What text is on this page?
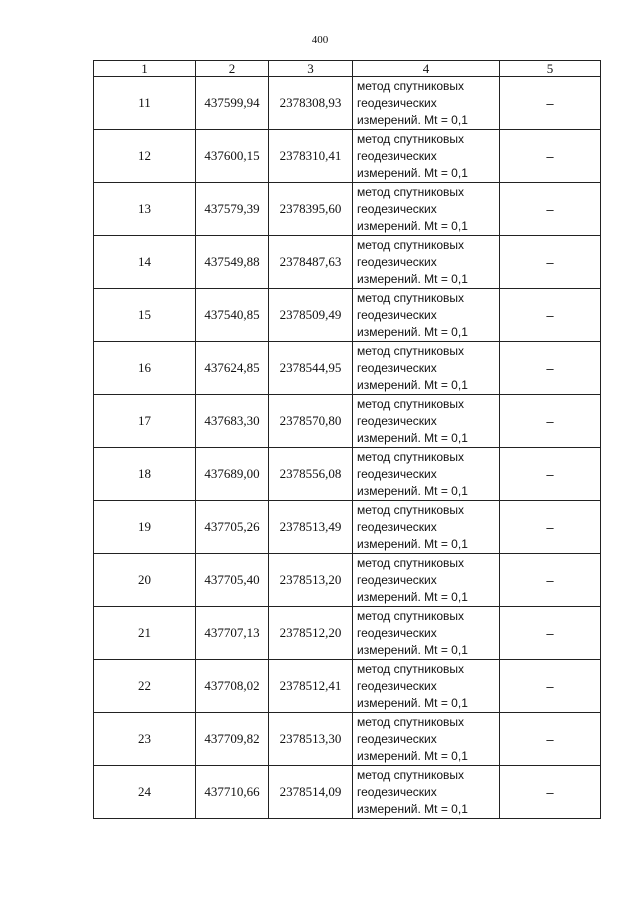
400
1	2	3	4	5
11	437599,94	2378308,93	метод спутниковых
геодезических
измерений. Mt = 0,1	–
12	437600,15	2378310,41	метод спутниковых
геодезических
измерений. Mt = 0,1	–
13	437579,39	2378395,60	метод спутниковых
геодезических
измерений. Mt = 0,1	–
14	437549,88	2378487,63	метод спутниковых
геодезических
измерений. Mt = 0,1	–
15	437540,85	2378509,49	метод спутниковых
геодезических
измерений. Mt = 0,1	–
16	437624,85	2378544,95	метод спутниковых
геодезических
измерений. Mt = 0,1	–
17	437683,30	2378570,80	метод спутниковых
геодезических
измерений. Mt = 0,1	–
18	437689,00	2378556,08	метод спутниковых
геодезических
измерений. Mt = 0,1	–
19	437705,26	2378513,49	метод спутниковых
геодезических
измерений. Mt = 0,1	–
20	437705,40	2378513,20	метод спутниковых
геодезических
измерений. Mt = 0,1	–
21	437707,13	2378512,20	метод спутниковых
геодезических
измерений. Mt = 0,1	–
22	437708,02	2378512,41	метод спутниковых
геодезических
измерений. Mt = 0,1	–
23	437709,82	2378513,30	метод спутниковых
геодезических
измерений. Mt = 0,1	–
24	437710,66	2378514,09	метод спутниковых
геодезических
измерений. Mt = 0,1	–
